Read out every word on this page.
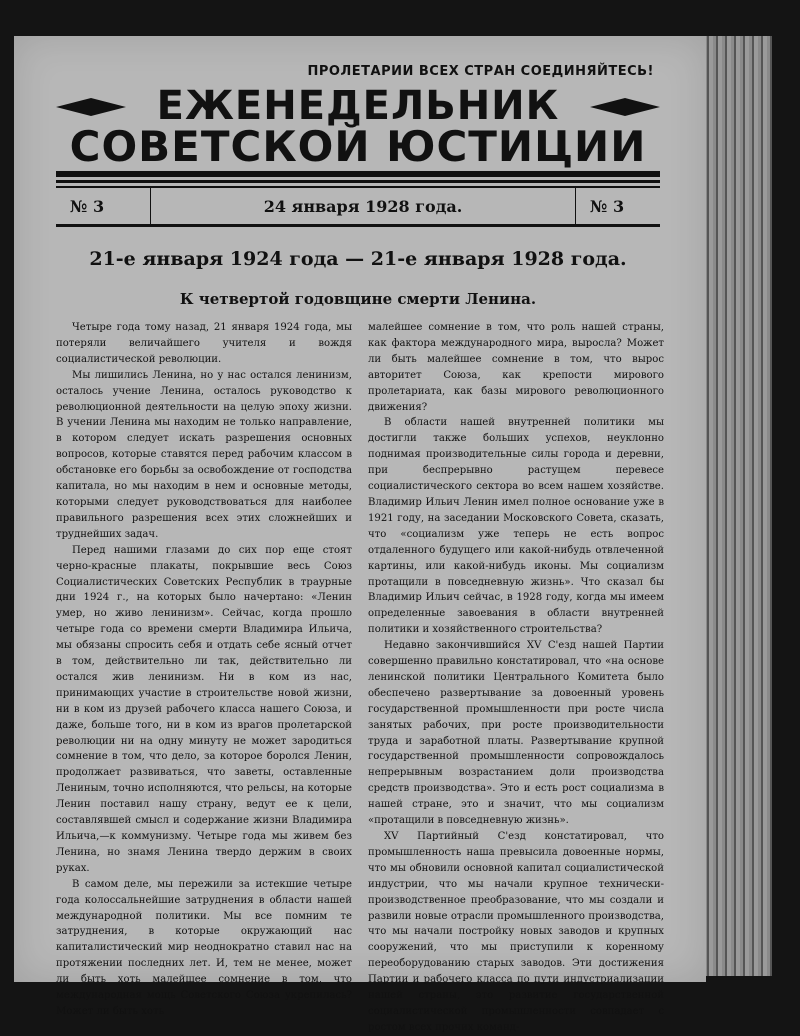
ПРОЛЕТАРИИ ВСЕХ СТРАН СОЕДИНЯЙТЕСЬ!
ЕЖЕНЕДЕЛЬНИК
СОВЕТСКОЙ ЮСТИЦИИ
№ 3	24 января 1928 года.	№ 3
21-е января 1924 года — 21-е января 1928 года.
К четвертой годовщине смерти Ленина.

Четыре года тому назад, 21 января 1924 года, мы потеряли величайшего учителя и вождя социалистической революции.

Мы лишились Ленина, но у нас остался ленинизм, осталось учение Ленина, осталось руководство к революционной деятельности на целую эпоху жизни. В учении Ленина мы находим не только направление, в котором следует искать разрешения основных вопросов, которые ставятся перед рабочим классом в обстановке его борьбы за освобождение от господства капитала, но мы находим в нем и основные методы, которыми следует руководствоваться для наиболее правильного разрешения всех этих сложнейших и труднейших задач.

Перед нашими глазами до сих пор еще стоят черно-красные плакаты, покрывшие весь Союз Социалистических Советских Республик в траурные дни 1924 г., на которых было начертано: «Ленин умер, но живо ленинизм». Сейчас, когда прошло четыре года со времени смерти Владимира Ильича, мы обязаны спросить себя и отдать себе ясный отчет в том, действительно ли так, действительно ли остался жив ленинизм. Ни в ком из нас, принимающих участие в строительстве новой жизни, ни в ком из друзей рабочего класса нашего Союза, и даже, больше того, ни в ком из врагов пролетарской революции ни на одну минуту не может зародиться сомнение в том, что дело, за которое боролся Ленин, продолжает развиваться, что заветы, оставленные Лениным, точно исполняются, что рельсы, на которые Ленин поставил нашу страну, ведут ее к цели, составлявшей смысл и содержание жизни Владимира Ильича,—к коммунизму. Четыре года мы живем без Ленина, но знамя Ленина твердо держим в своих руках.

В самом деле, мы пережили за истекшие четыре года колоссальнейшие затруднения в области нашей международной политики. Мы все помним те затруднения, в которые окружающий нас капиталистический мир неоднократно ставил нас на протяжении последних лет. И, тем не менее, может ли быть хоть малейшее сомнение в том, что международная мощь Советского Союза укрепилась? Может ли быть хоть

малейшее сомнение в том, что роль нашей страны, как фактора международного мира, выросла? Может ли быть малейшее сомнение в том, что вырос авторитет Союза, как крепости мирового пролетариата, как базы мирового революционного движения?

В области нашей внутренней политики мы достигли также больших успехов, неуклонно поднимая производительные силы города и деревни, при беспрерывно растущем перевесе социалистического сектора во всем нашем хозяйстве. Владимир Ильич Ленин имел полное основание уже в 1921 году, на заседании Московского Совета, сказать, что «социализм уже теперь не есть вопрос отдаленного будущего или какой-нибудь отвлеченной картины, или какой-нибудь иконы. Мы социализм протащили в повседневную жизнь». Что сказал бы Владимир Ильич сейчас, в 1928 году, когда мы имеем определенные завоевания в области внутренней политики и хозяйственного строительства?

Недавно закончившийся XV С'езд нашей Партии совершенно правильно констатировал, что «на основе ленинской политики Центрального Комитета было обеспечено развертывание за довоенный уровень государственной промышленности при росте числа занятых рабочих, при росте производительности труда и заработной платы. Развертывание крупной государственной промышленности сопровождалось непрерывным возрастанием доли производства средств производства». Это и есть рост социализма в нашей стране, это и значит, что мы социализм «протащили в повседневную жизнь».

XV Партийный С'езд констатировал, что промышленность наша превысила довоенные нормы, что мы обновили основной капитал социалистической индустрии, что мы начали крупное технически-производственное преобразование, что мы создали и развили новые отрасли промышленного производства, что мы начали постройку новых заводов и крупных сооружений, что мы приступили к коренному переоборудованию старых заводов. Эти достижения Партии и рабочего класса по пути индустриализации нашей страны, это развитие государственной социалистической промышленности совпадает с ростом всех прочих команд-
